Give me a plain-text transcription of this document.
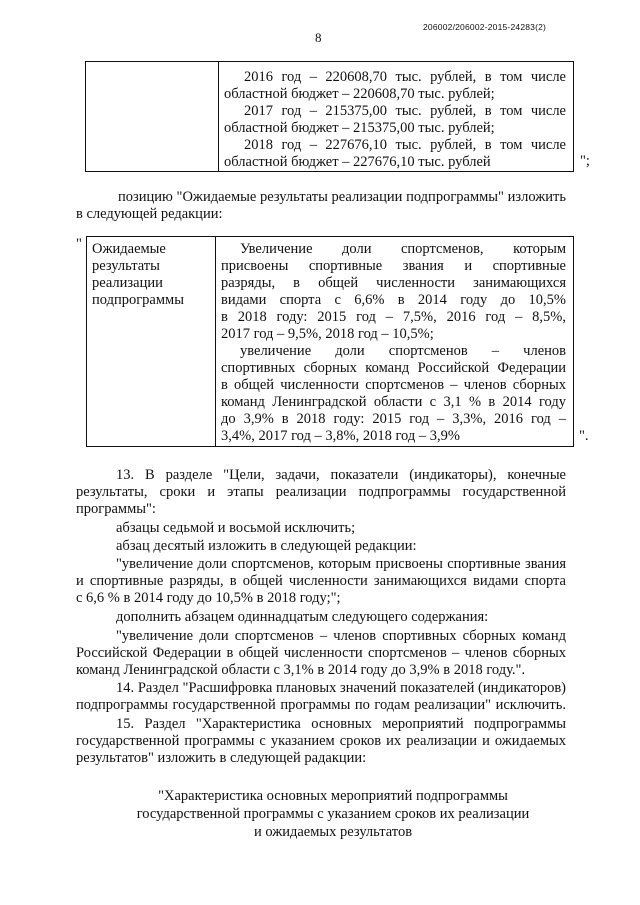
8
206002/206002-2015-24283(2)
2016 год – 220608,70 тыс. рублей, в том числе
областной бюджет – 220608,70 тыс. рублей;
2017 год – 215375,00 тыс. рублей, в том числе
областной бюджет – 215375,00 тыс. рублей;
2018 год – 227676,10 тыс. рублей, в том числе
областной бюджет – 227676,10 тыс. рублей	";
позицию "Ожидаемые результаты реализации подпрограммы" изложить
в следующей редакции:
" Ожидаемые
результаты
реализации
подпрограммы
Увеличение доли спортсменов, которым
присвоены спортивные звания и спортивные
разряды, в общей численности занимающихся
видами спорта с 6,6% в 2014 году до 10,5%
в 2018 году: 2015 год – 7,5%, 2016 год – 8,5%,
2017 год – 9,5%, 2018 год – 10,5%;
увеличение доли спортсменов – членов
спортивных сборных команд Российской Федерации
в общей численности спортсменов – членов сборных
команд Ленинградской области с 3,1 % в 2014 году
до 3,9% в 2018 году: 2015 год – 3,3%, 2016 год –
3,4%, 2017 год – 3,8%, 2018 год – 3,9%	".
13. В разделе "Цели, задачи, показатели (индикаторы), конечные
результаты, сроки и этапы реализации подпрограммы государственной
программы":
абзацы седьмой и восьмой исключить;
абзац десятый изложить в следующей редакции:
"увеличение доли спортсменов, которым присвоены спортивные звания
и спортивные разряды, в общей численности занимающихся видами спорта
с 6,6 % в 2014 году до 10,5% в 2018 году;";
дополнить абзацем одиннадцатым следующего содержания:
"увеличение доли спортсменов – членов спортивных сборных команд
Российской Федерации в общей численности спортсменов – членов сборных
команд Ленинградской области с 3,1% в 2014 году до 3,9% в 2018 году.".
14. Раздел "Расшифровка плановых значений показателей (индикаторов)
подпрограммы государственной программы по годам реализации" исключить.
15. Раздел "Характеристика основных мероприятий подпрограммы
государственной программы с указанием сроков их реализации и ожидаемых
результатов" изложить в следующей радакции:
"Характеристика основных мероприятий подпрограммы
государственной программы с указанием сроков их реализации
и ожидаемых результатов
